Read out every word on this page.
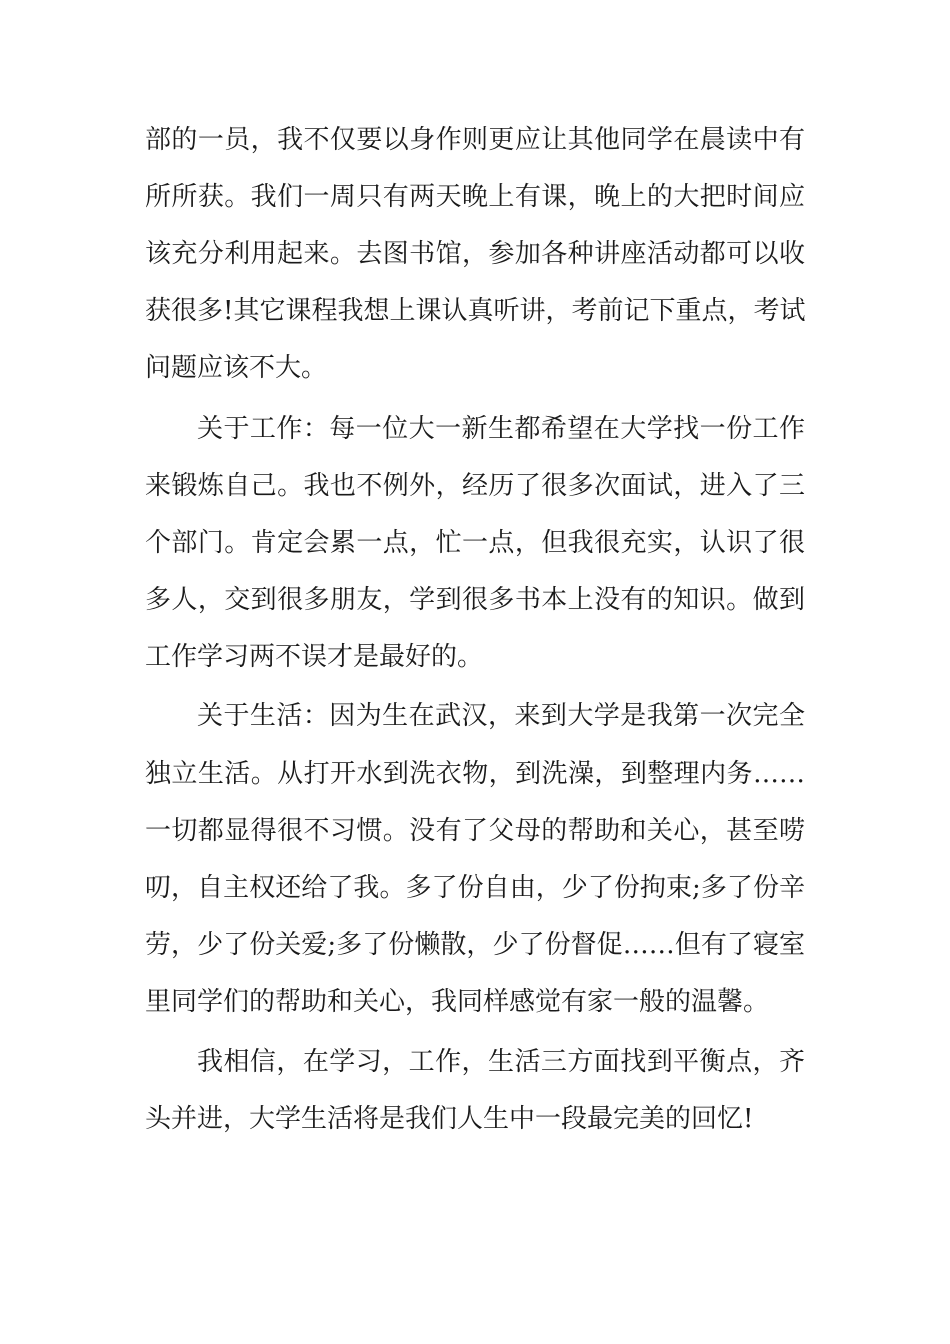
部的一员，我不仅要以身作则更应让其他同学在晨读中有
所所获。我们一周只有两天晚上有课，晚上的大把时间应
该充分利用起来。去图书馆，参加各种讲座活动都可以收
获很多!其它课程我想上课认真听讲，考前记下重点，考试
问题应该不大。
关于工作：每一位大一新生都希望在大学找一份工作
来锻炼自己。我也不例外，经历了很多次面试，进入了三
个部门。肯定会累一点，忙一点，但我很充实，认识了很
多人，交到很多朋友，学到很多书本上没有的知识。做到
工作学习两不误才是最好的。
关于生活：因为生在武汉，来到大学是我第一次完全
独立生活。从打开水到洗衣物，到洗澡，到整理内务……
一切都显得很不习惯。没有了父母的帮助和关心，甚至唠
叨，自主权还给了我。多了份自由，少了份拘束;多了份辛
劳，少了份关爱;多了份懒散，少了份督促……但有了寝室
里同学们的帮助和关心，我同样感觉有家一般的温馨。
我相信，在学习，工作，生活三方面找到平衡点，齐
头并进，大学生活将是我们人生中一段最完美的回忆!
